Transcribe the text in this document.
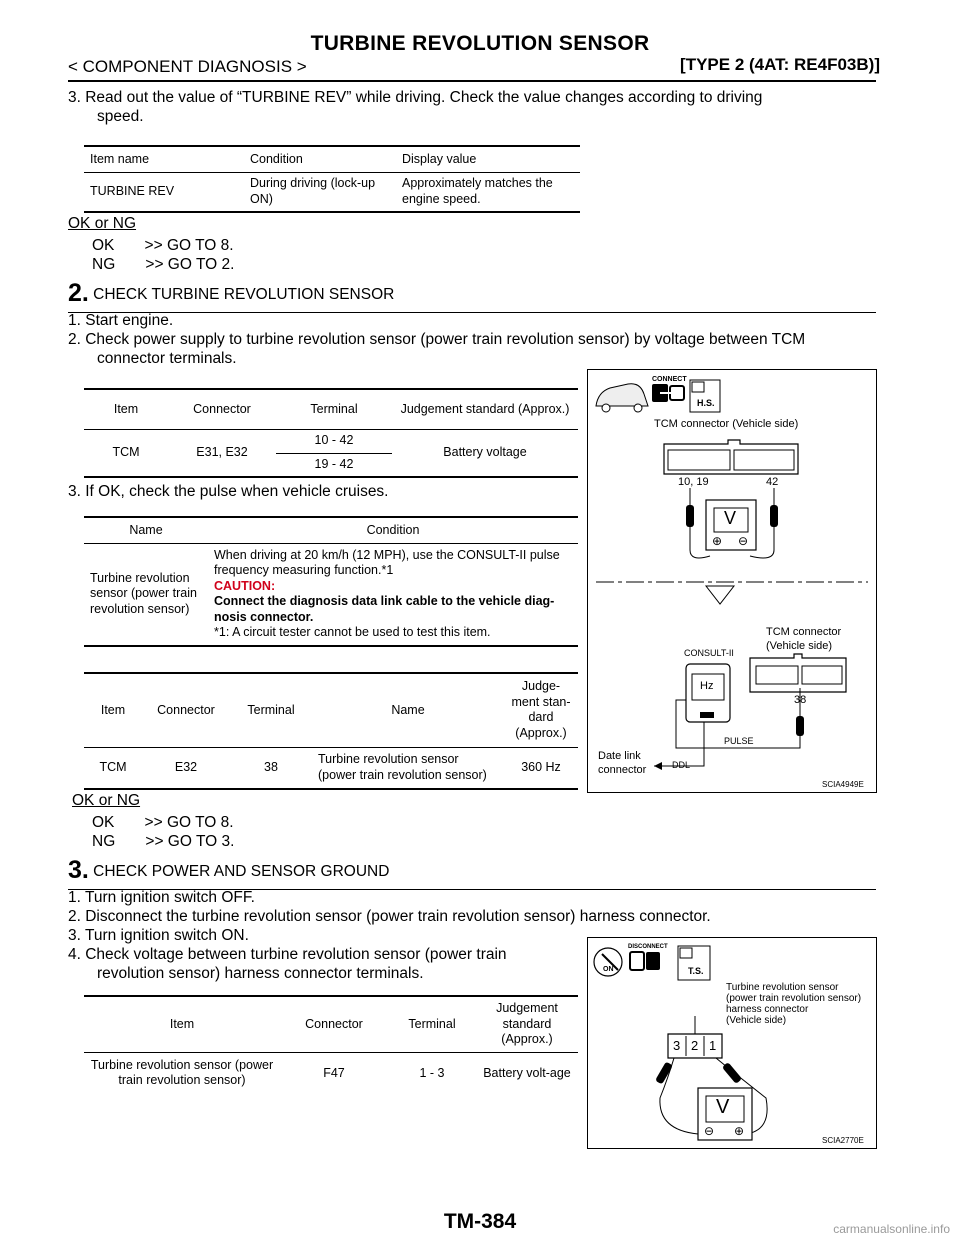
TURBINE REVOLUTION SENSOR
< COMPONENT DIAGNOSIS >	[TYPE 2 (4AT: RE4F03B)]
3. Read out the value of “TURBINE REV” while driving. Check the value changes according to driving
speed.
Item name	Condition	Display value
TURBINE REV	During driving (lock-up ON)	Approximately matches the engine speed.
OK or NG
OK       >> GO TO 8.
NG       >> GO TO 2.
2. CHECK TURBINE REVOLUTION SENSOR
1. Start engine.
2. Check power supply to turbine revolution sensor (power train revolution sensor) by voltage between TCM
connector terminals.
Item	Connector	Terminal	Judgement standard (Approx.)
TCM	E31, E32	10 - 42	Battery voltage
		19 - 42	
3. If OK, check the pulse when vehicle cruises.
Name	Condition
Turbine revolution sensor (power train revolution sensor)	When driving at 20 km/h (12 MPH), use the CONSULT-II pulse frequency measuring function.*1
CAUTION:
Connect the diagnosis data link cable to the vehicle diag-nosis connector.
*1: A circuit tester cannot be used to test this item.
Item	Connector	Terminal	Name	Judge-ment stan-dard (Approx.)
TCM	E32	38	Turbine revolution sensor (power train revolution sensor)	360 Hz
OK or NG
OK       >> GO TO 8.
NG       >> GO TO 3.
3. CHECK POWER AND SENSOR GROUND
1. Turn ignition switch OFF.
2. Disconnect the turbine revolution sensor (power train revolution sensor) harness connector.
3. Turn ignition switch ON.
4. Check voltage between turbine revolution sensor (power train
revolution sensor) harness connector terminals.
Item	Connector	Terminal	Judgement standard (Approx.)
Turbine revolution sensor (power train revolution sensor)	F47	1 - 3	Battery volt-age
CONNECT
H.S.
TCM connector (Vehicle side)
10, 19	42
V
⊕ ⊖
CONSULT-II
Hz
TCM connector
(Vehicle side)
38
PULSE
DDL
Date link
connector
SCIA4949E
ON
DISCONNECT
T.S.
Turbine revolution sensor
(power train revolution sensor)
harness connector
(Vehicle side)
3 2 1
V
⊖ ⊕
SCIA2770E
TM-384	carmanualsonline.info
